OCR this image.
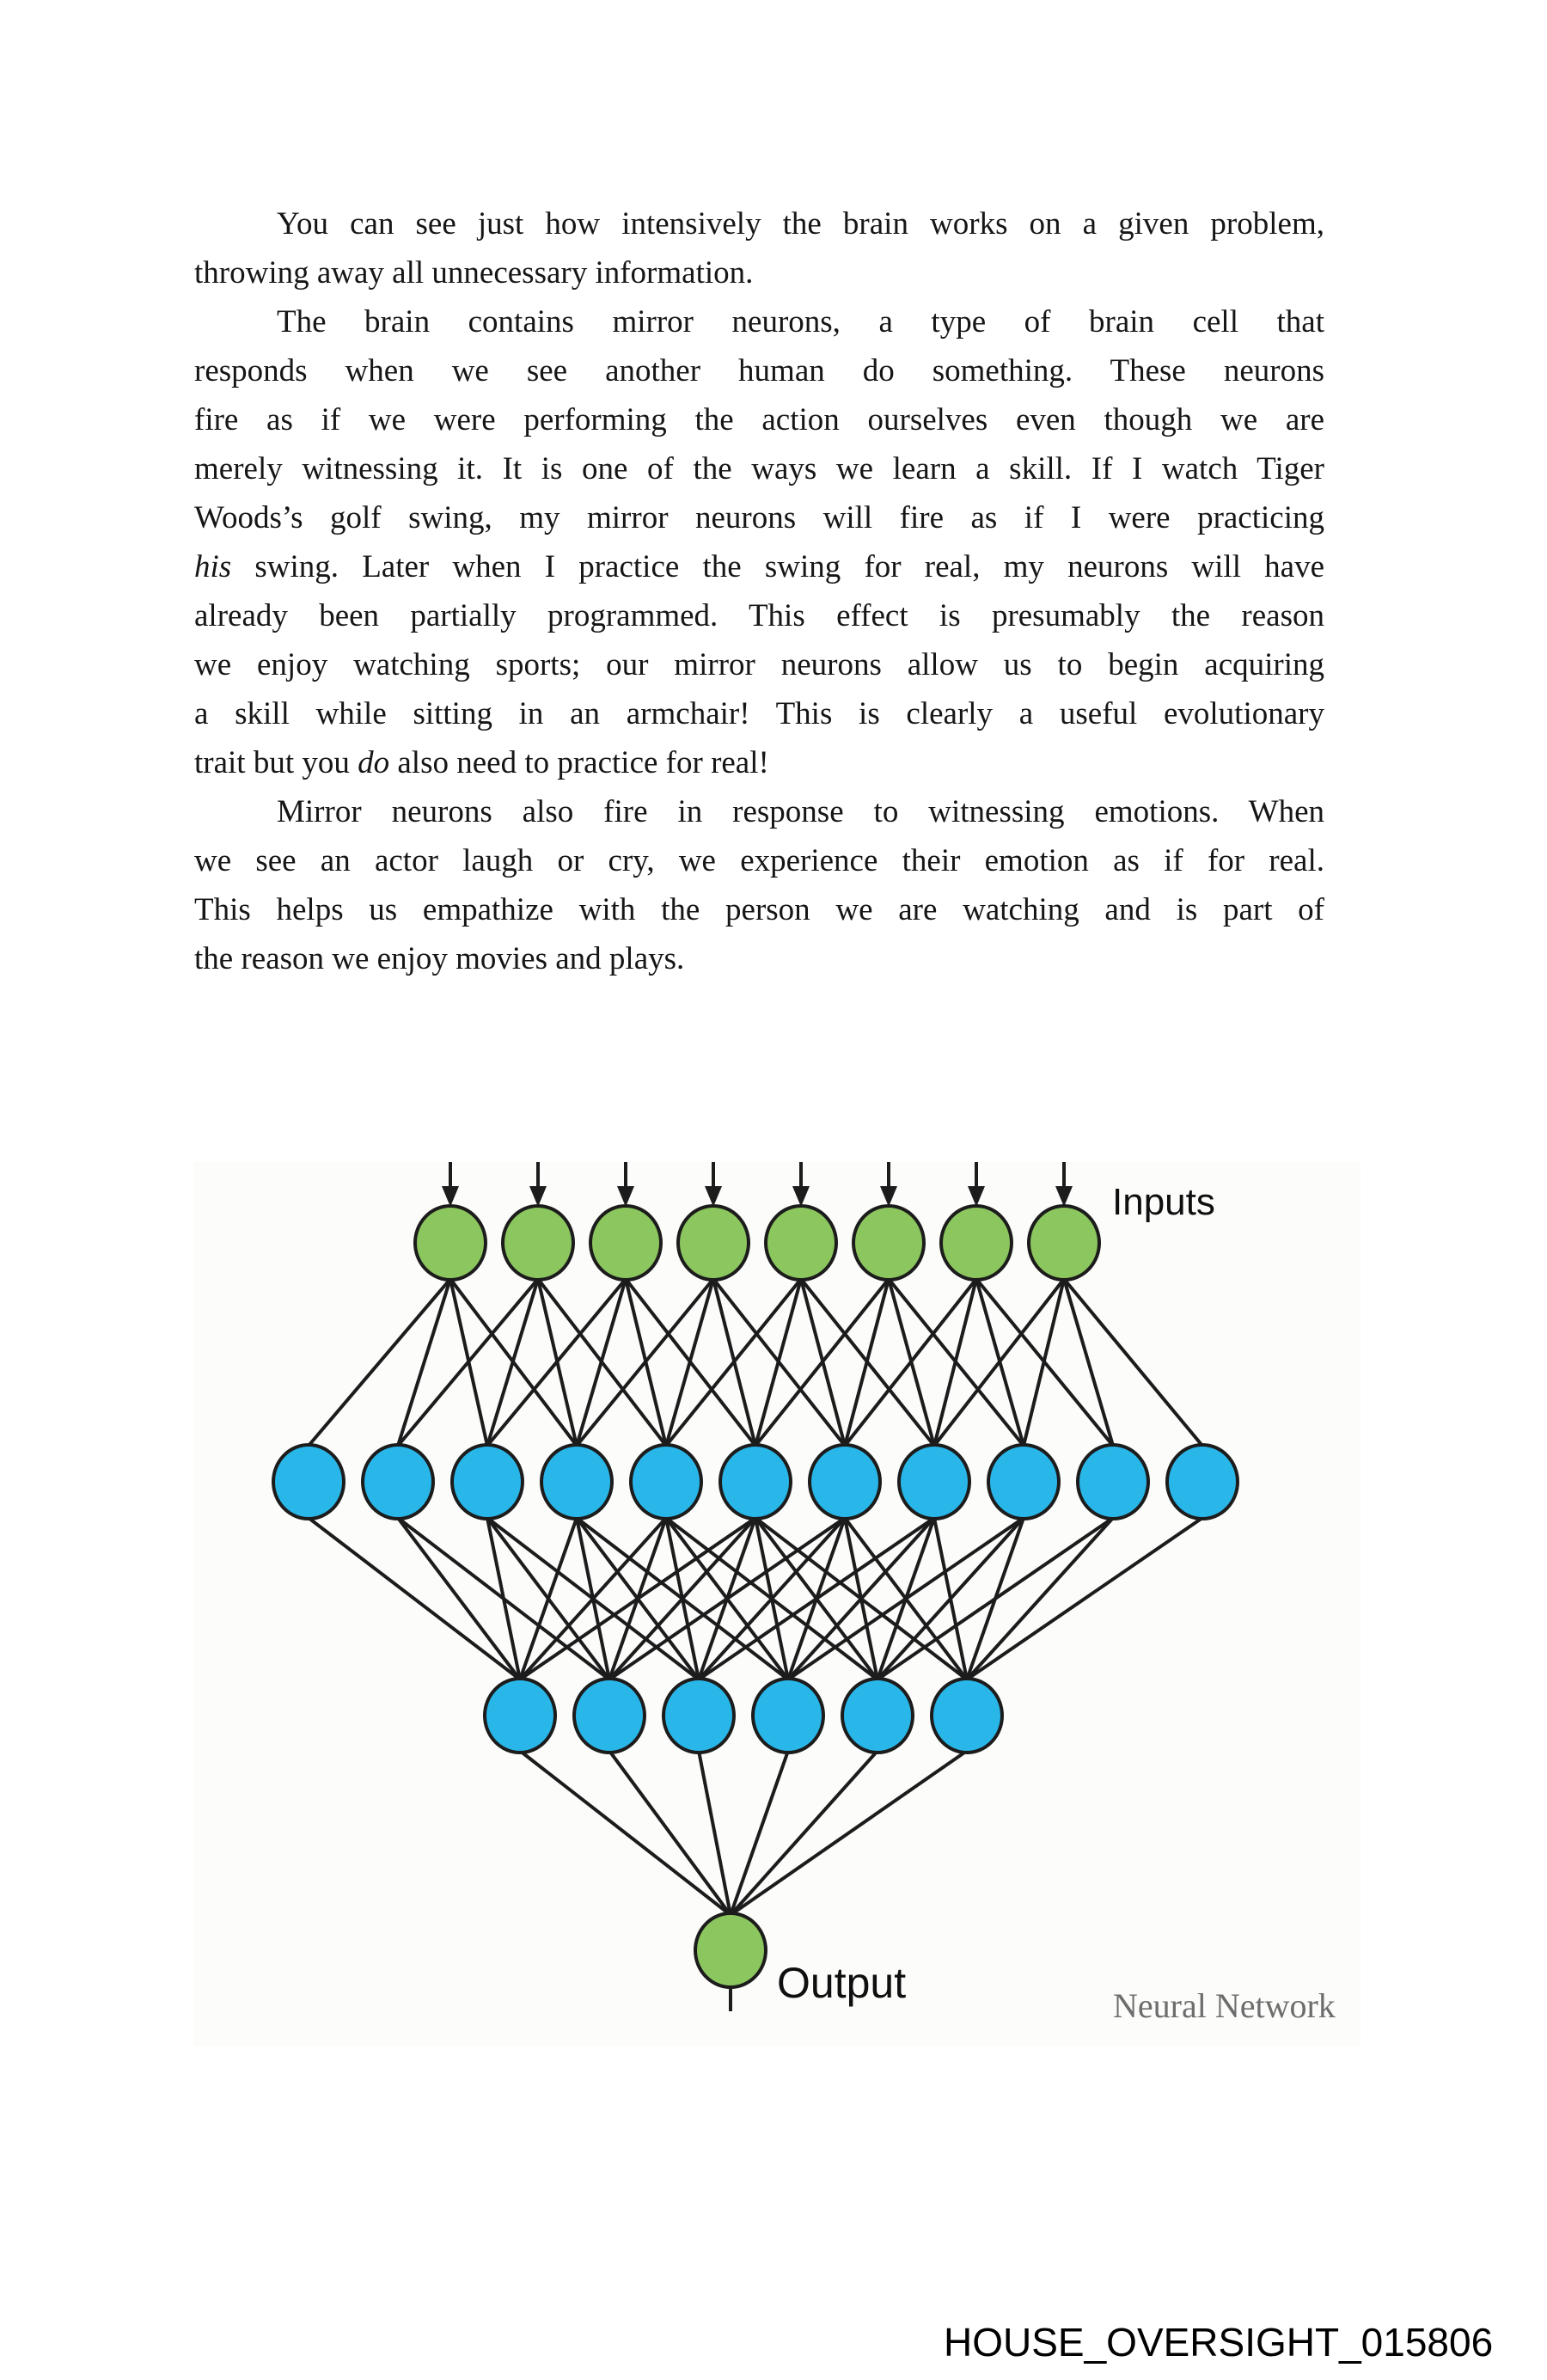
You can see just how intensively the brain works on a given problem,
throwing away all unnecessary information.
The brain contains mirror neurons, a type of brain cell that
responds when we see another human do something. These neurons
fire as if we were performing the action ourselves even though we are
merely witnessing it. It is one of the ways we learn a skill. If I watch Tiger
Woods’s golf swing, my mirror neurons will fire as if I were practicing
his swing. Later when I practice the swing for real, my neurons will have
already been partially programmed. This effect is presumably the reason
we enjoy watching sports; our mirror neurons allow us to begin acquiring
a skill while sitting in an armchair! This is clearly a useful evolutionary
trait but you do also need to practice for real!
Mirror neurons also fire in response to witnessing emotions. When
we see an actor laugh or cry, we experience their emotion as if for real.
This helps us empathize with the person we are watching and is part of
the reason we enjoy movies and plays.
Inputs
Output	Neural Network
HOUSE_OVERSIGHT_015806
